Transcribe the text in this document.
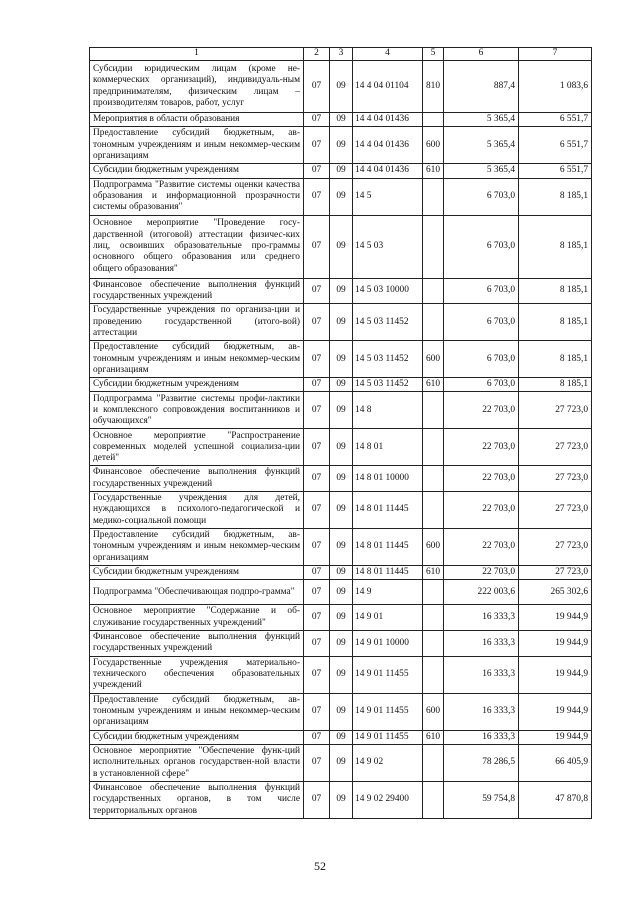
1	2	3	4	5	6	7
Субсидии юридическим лицам (кроме не-коммерческих организаций), индивидуаль-ным предпринимателям, физическим лицам – производителям товаров, работ, услуг	07	09	14 4 04 01104	810	887,4	1 083,6
Мероприятия в области образования	07	09	14 4 04 01436		5 365,4	6 551,7
Предоставление субсидий бюджетным, ав-тономным учреждениям и иным некоммер-ческим организациям	07	09	14 4 04 01436	600	5 365,4	6 551,7
Субсидии бюджетным учреждениям	07	09	14 4 04 01436	610	5 365,4	6 551,7
Подпрограмма "Развитие системы оценки качества образования и информационной прозрачности системы образования"	07	09	14 5		6 703,0	8 185,1
Основное мероприятие "Проведение госу-дарственной (итоговой) аттестации физичес-ких лиц, освоивших образовательные про-граммы основного общего образования или среднего общего образования"	07	09	14 5 03		6 703,0	8 185,1
Финансовое обеспечение выполнения функций государственных учреждений	07	09	14 5 03 10000		6 703,0	8 185,1
Государственные учреждения по организа-ции и проведению государственной (итого-вой) аттестации	07	09	14 5 03 11452		6 703,0	8 185,1
Предоставление субсидий бюджетным, ав-тономным учреждениям и иным некоммер-ческим организациям	07	09	14 5 03 11452	600	6 703,0	8 185,1
Субсидии бюджетным учреждениям	07	09	14 5 03 11452	610	6 703,0	8 185,1
Подпрограмма "Развитие системы профи-лактики и комплексного сопровождения воспитанников и обучающихся"	07	09	14 8		22 703,0	27 723,0
Основное мероприятие "Распространение современных моделей успешной социализа-ции детей"	07	09	14 8 01		22 703,0	27 723,0
Финансовое обеспечение выполнения функций государственных учреждений	07	09	14 8 01 10000		22 703,0	27 723,0
Государственные учреждения для детей, нуждающихся в психолого-педагогической и медико-социальной помощи	07	09	14 8 01 11445		22 703,0	27 723,0
Предоставление субсидий бюджетным, ав-тономным учреждениям и иным некоммер-ческим организациям	07	09	14 8 01 11445	600	22 703,0	27 723,0
Субсидии бюджетным учреждениям	07	09	14 8 01 11445	610	22 703,0	27 723,0
Подпрограмма "Обеспечивающая подпро-грамма"	07	09	14 9		222 003,6	265 302,6
Основное мероприятие "Содержание и об-служивание государственных учреждений"	07	09	14 9 01		16 333,3	19 944,9
Финансовое обеспечение выполнения функций государственных учреждений	07	09	14 9 01 10000		16 333,3	19 944,9
Государственные учреждения материально-технического обеспечения образовательных учреждений	07	09	14 9 01 11455		16 333,3	19 944,9
Предоставление субсидий бюджетным, ав-тономным учреждениям и иным некоммер-ческим организациям	07	09	14 9 01 11455	600	16 333,3	19 944,9
Субсидии бюджетным учреждениям	07	09	14 9 01 11455	610	16 333,3	19 944,9
Основное мероприятие "Обеспечение функ-ций исполнительных органов государствен-ной власти в установленной сфере"	07	09	14 9 02		78 286,5	66 405,9
Финансовое обеспечение выполнения функций государственных органов, в том числе территориальных органов	07	09	14 9 02 29400		59 754,8	47 870,8
52
